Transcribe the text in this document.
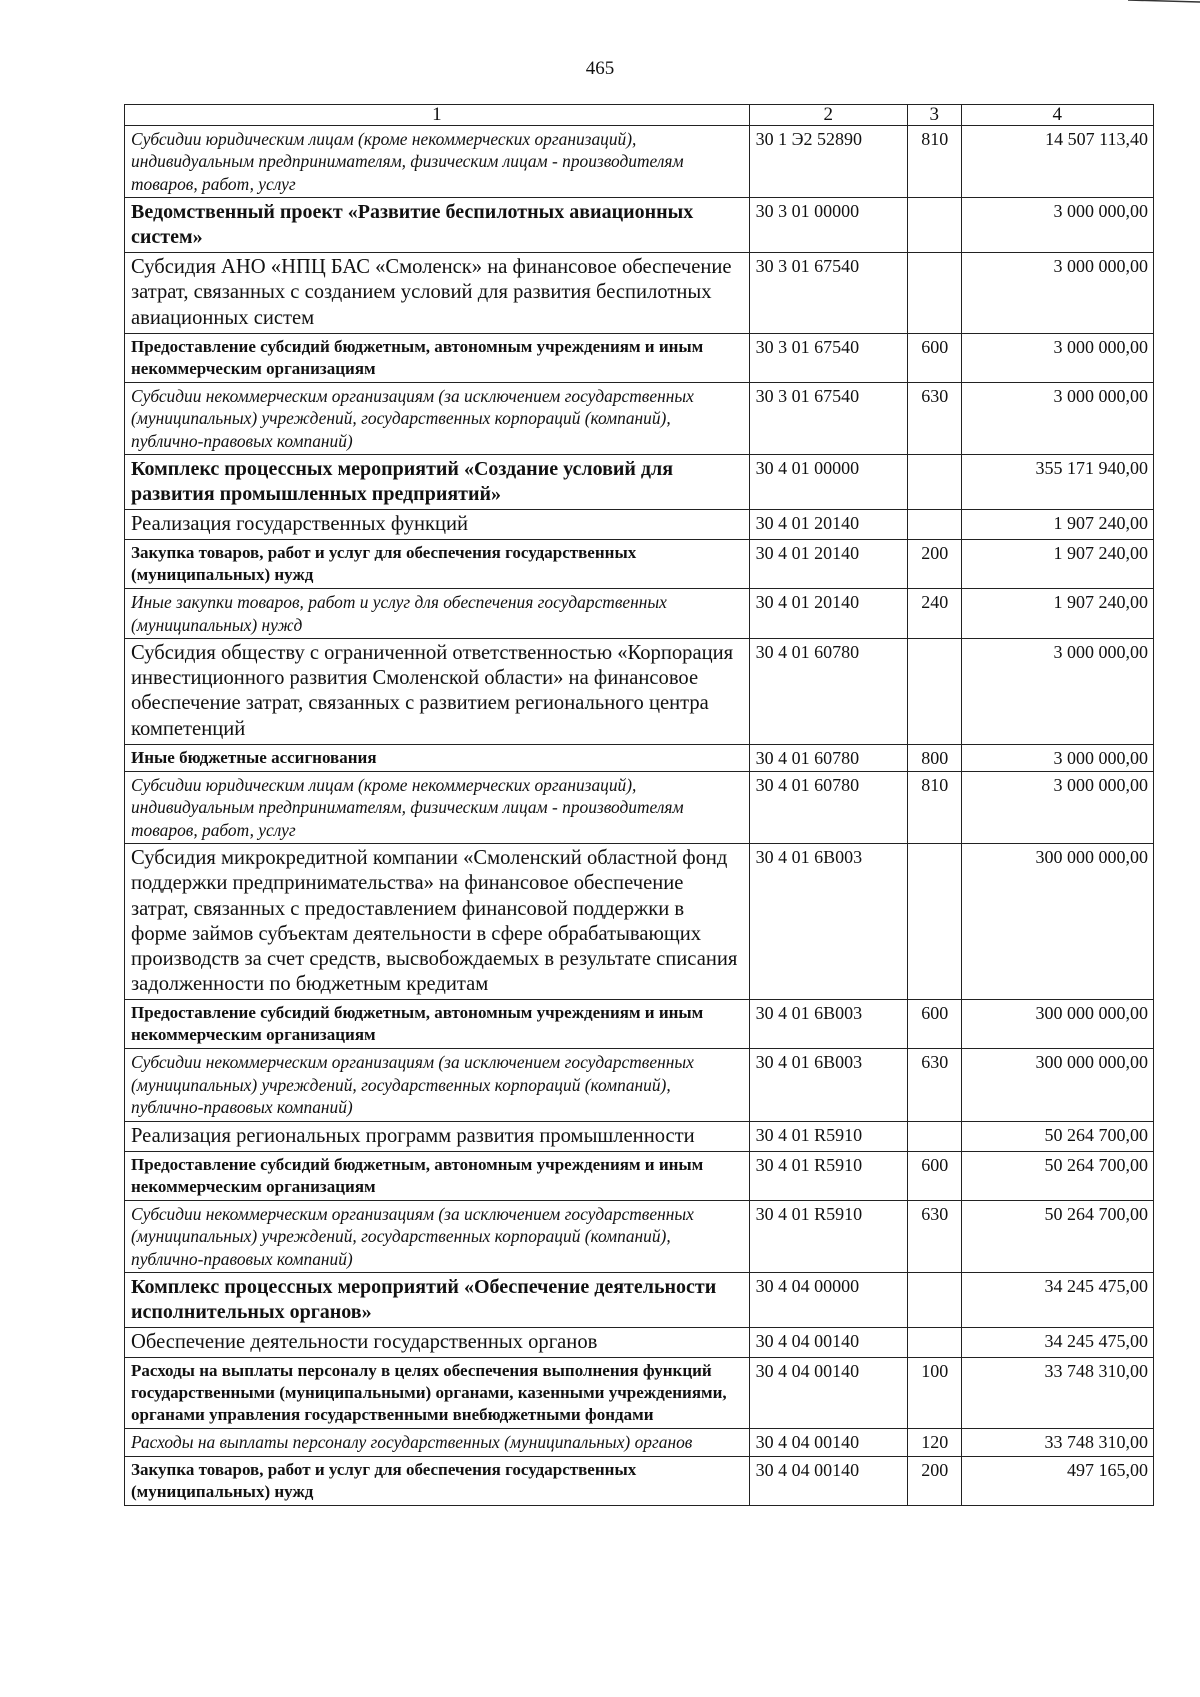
465
1	2	3	4
Субсидии юридическим лицам (кроме некоммерческих организаций), индивидуальным предпринимателям, физическим лицам - производителям товаров, работ, услуг	30 1 Э2 52890	810	14 507 113,40
Ведомственный проект «Развитие беспилотных авиационных систем»	30 3 01 00000		3 000 000,00
Субсидия АНО «НПЦ БАС «Смоленск» на финансовое обеспечение затрат, связанных с созданием условий для развития беспилотных авиационных систем	30 3 01 67540		3 000 000,00
Предоставление субсидий бюджетным, автономным учреждениям и иным некоммерческим организациям	30 3 01 67540	600	3 000 000,00
Субсидии некоммерческим организациям (за исключением государственных (муниципальных) учреждений, государственных корпораций (компаний), публично-правовых компаний)	30 3 01 67540	630	3 000 000,00
Комплекс процессных мероприятий «Создание условий для развития промышленных предприятий»	30 4 01 00000		355 171 940,00
Реализация государственных функций	30 4 01 20140		1 907 240,00
Закупка товаров, работ и услуг для обеспечения государственных (муниципальных) нужд	30 4 01 20140	200	1 907 240,00
Иные закупки товаров, работ и услуг для обеспечения государственных (муниципальных) нужд	30 4 01 20140	240	1 907 240,00
Субсидия обществу с ограниченной ответственностью «Корпорация инвестиционного развития Смоленской области» на финансовое обеспечение затрат, связанных с развитием регионального центра компетенций	30 4 01 60780		3 000 000,00
Иные бюджетные ассигнования	30 4 01 60780	800	3 000 000,00
Субсидии юридическим лицам (кроме некоммерческих организаций), индивидуальным предпринимателям, физическим лицам - производителям товаров, работ, услуг	30 4 01 60780	810	3 000 000,00
Субсидия микрокредитной компании «Смоленский областной фонд поддержки предпринимательства» на финансовое обеспечение затрат, связанных с предоставлением финансовой поддержки в форме займов субъектам деятельности в сфере обрабатывающих производств за счет средств, высвобождаемых в результате списания задолженности по бюджетным кредитам	30 4 01 6В003		300 000 000,00
Предоставление субсидий бюджетным, автономным учреждениям и иным некоммерческим организациям	30 4 01 6В003	600	300 000 000,00
Субсидии некоммерческим организациям (за исключением государственных (муниципальных) учреждений, государственных корпораций (компаний), публично-правовых компаний)	30 4 01 6В003	630	300 000 000,00
Реализация региональных программ развития промышленности	30 4 01 R5910		50 264 700,00
Предоставление субсидий бюджетным, автономным учреждениям и иным некоммерческим организациям	30 4 01 R5910	600	50 264 700,00
Субсидии некоммерческим организациям (за исключением государственных (муниципальных) учреждений, государственных корпораций (компаний), публично-правовых компаний)	30 4 01 R5910	630	50 264 700,00
Комплекс процессных мероприятий «Обеспечение деятельности исполнительных органов»	30 4 04 00000		34 245 475,00
Обеспечение деятельности государственных органов	30 4 04 00140		34 245 475,00
Расходы на выплаты персоналу в целях обеспечения выполнения функций государственными (муниципальными) органами, казенными учреждениями, органами управления государственными внебюджетными фондами	30 4 04 00140	100	33 748 310,00
Расходы на выплаты персоналу государственных (муниципальных) органов	30 4 04 00140	120	33 748 310,00
Закупка товаров, работ и услуг для обеспечения государственных (муниципальных) нужд	30 4 04 00140	200	497 165,00
